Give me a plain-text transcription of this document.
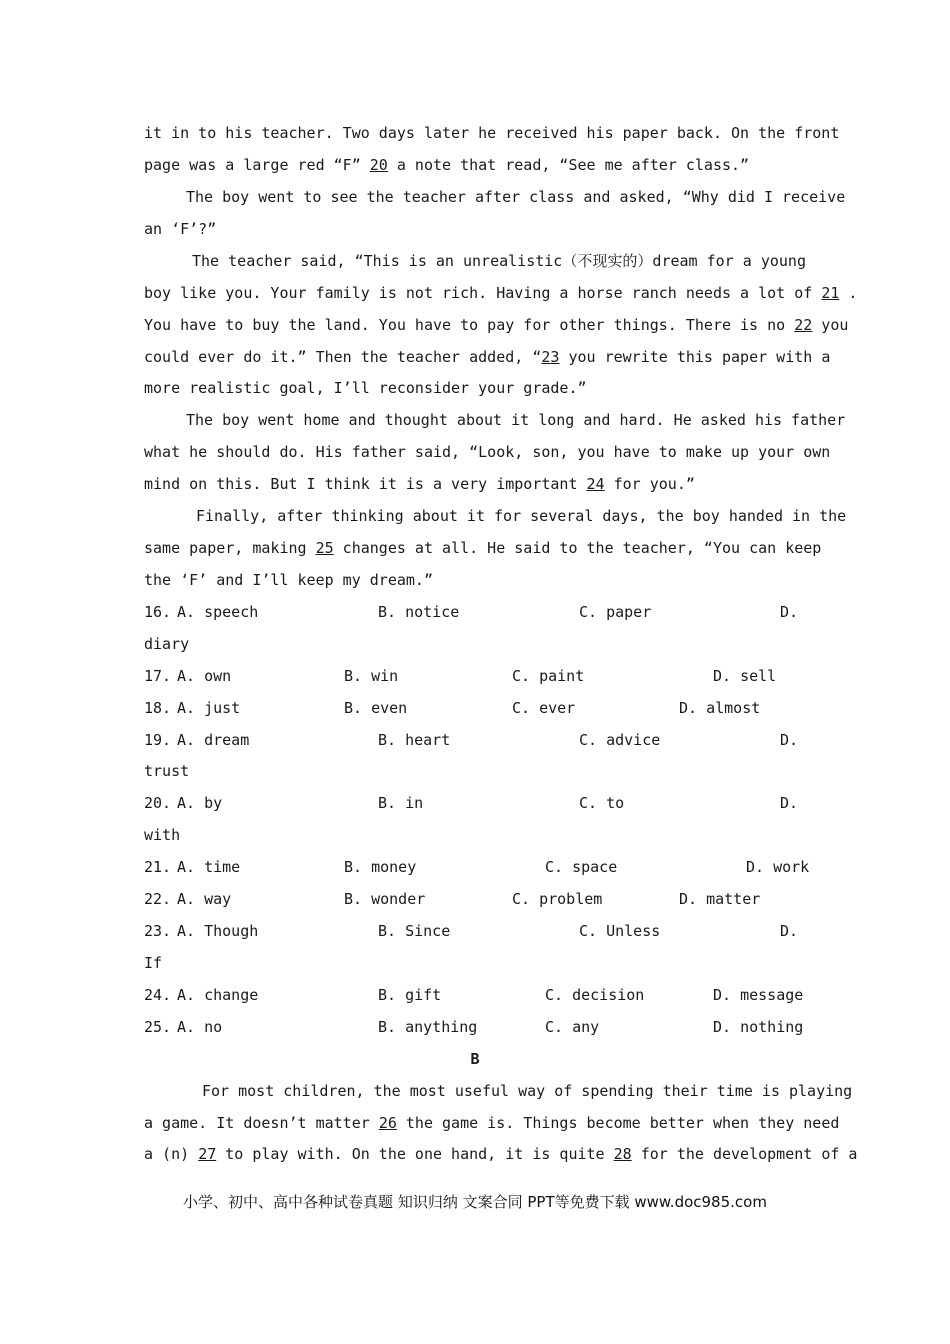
it in to his teacher. Two days later he received his paper back. On the front
page was a large red “F” 20 a note that read, “See me after class.”
The boy went to see the teacher after class and asked, “Why did I receive
an ‘F’?”
The teacher said, “This is an unrealistic（不现实的）dream for a young
boy like you. Your family is not rich. Having a horse ranch needs a lot of 21 .
You have to buy the land. You have to pay for other things. There is no 22 you
could ever do it.” Then the teacher added, “23 you rewrite this paper with a
more realistic goal, I’ll reconsider your grade.”
The boy went home and thought about it long and hard. He asked his father
what he should do. His father said, “Look, son, you have to make up your own
mind on this. But I think it is a very important 24 for you.”
Finally, after thinking about it for several days, the boy handed in the
same paper, making 25 changes at all. He said to the teacher, “You can keep
the ‘F’ and I’ll keep my dream.”
16. A. speech	B. notice	C. paper	D.
diary
17. A. own	B. win	C. paint	D. sell
18. A. just	B. even	C. ever	D. almost
19. A. dream	B. heart	C. advice	D.
trust
20. A. by	B. in	C. to	D.
with
21. A. time	B. money	C. space	D. work
22. A. way	B. wonder	C. problem	D. matter
23. A. Though	B. Since	C. Unless	D.
If
24. A. change	B. gift	C. decision	D. message
25. A. no	B. anything	C. any	D. nothing
B
For most children, the most useful way of spending their time is playing
a game. It doesn’t matter 26 the game is. Things become better when they need
a (n) 27 to play with. On the one hand, it is quite 28 for the development of a
小学、初中、高中各种试卷真题 知识归纳 文案合同 PPT等免费下载 www.doc985.com
